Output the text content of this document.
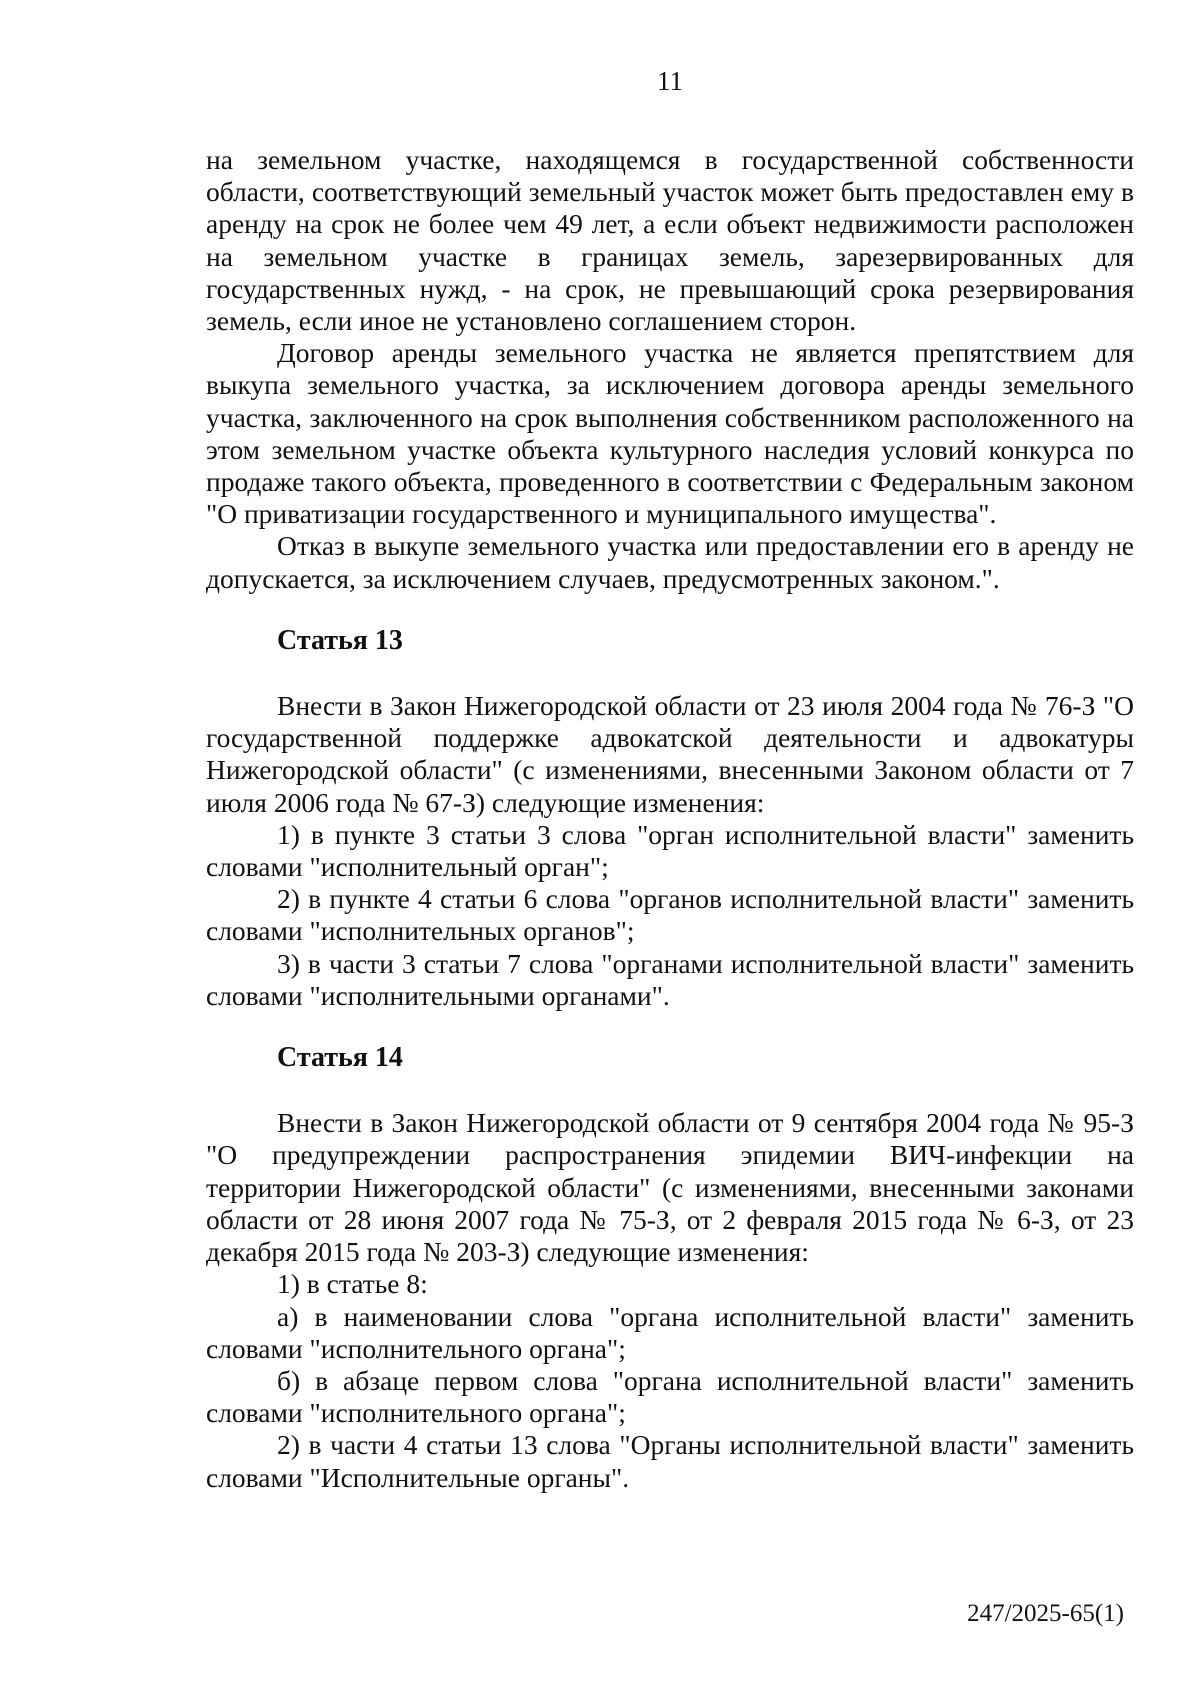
11

на земельном участке, находящемся в государственной собственности области, соответствующий земельный участок может быть предоставлен ему в аренду на срок не более чем 49 лет, а если объект недвижимости расположен на земельном участке в границах земель, зарезервированных для государственных нужд, - на срок, не превышающий срока резервирования земель, если иное не установлено соглашением сторон.

Договор аренды земельного участка не является препятствием для выкупа земельного участка, за исключением договора аренды земельного участка, заключенного на срок выполнения собственником расположенного на этом земельном участке объекта культурного наследия условий конкурса по продаже такого объекта, проведенного в соответствии с Федеральным законом "О приватизации государственного и муниципального имущества".

Отказ в выкупе земельного участка или предоставлении его в аренду не допускается, за исключением случаев, предусмотренных законом.".

Статья 13

Внести в Закон Нижегородской области от 23 июля 2004 года № 76-З "О государственной поддержке адвокатской деятельности и адвокатуры Нижегородской области" (с изменениями, внесенными Законом области от 7 июля 2006 года № 67-З) следующие изменения:

1) в пункте 3 статьи 3 слова "орган исполнительной власти" заменить словами "исполнительный орган";

2) в пункте 4 статьи 6 слова "органов исполнительной власти" заменить словами "исполнительных органов";

3) в части 3 статьи 7 слова "органами исполнительной власти" заменить словами "исполнительными органами".

Статья 14

Внести в Закон Нижегородской области от 9 сентября 2004 года № 95-З "О предупреждении распространения эпидемии ВИЧ-инфекции на территории Нижегородской области" (с изменениями, внесенными законами области от 28 июня 2007 года № 75-З, от 2 февраля 2015 года № 6-З, от 23 декабря 2015 года № 203-З) следующие изменения:

1) в статье 8:

а) в наименовании слова "органа исполнительной власти" заменить словами "исполнительного органа";

б) в абзаце первом слова "органа исполнительной власти" заменить словами "исполнительного органа";

2) в части 4 статьи 13 слова "Органы исполнительной власти" заменить словами "Исполнительные органы".

247/2025-65(1)
